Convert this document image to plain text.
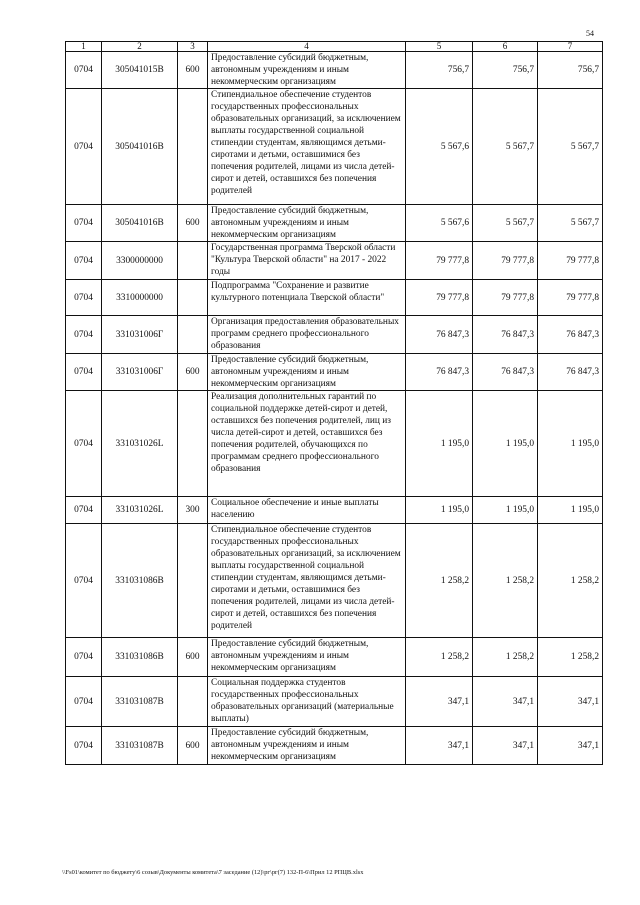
54
1	2	3	4	5	6	7
0704	305041015В	600	Предоставление субсидий бюджетным, автономным учреждениям и иным некоммерческим организациям	756,7	756,7	756,7
0704	305041016В		Стипендиальное обеспечение студентов государственных профессиональных образовательных организаций, за исключением выплаты государственной социальной стипендии студентам, являющимся детьми-сиротами и детьми, оставшимися без попечения родителей, лицами из числа детей-сирот и детей, оставшихся без попечения родителей	5 567,6	5 567,7	5 567,7
0704	305041016В	600	Предоставление субсидий бюджетным, автономным учреждениям и иным некоммерческим организациям	5 567,6	5 567,7	5 567,7
0704	3300000000		Государственная программа Тверской области "Культура Тверской области" на 2017 - 2022 годы	79 777,8	79 777,8	79 777,8
0704	3310000000		Подпрограмма "Сохранение и развитие культурного потенциала Тверской области"	79 777,8	79 777,8	79 777,8
0704	331031006Г		Организация предоставления образовательных программ среднего профессионального образования	76 847,3	76 847,3	76 847,3
0704	331031006Г	600	Предоставление субсидий бюджетным, автономным учреждениям и иным некоммерческим организациям	76 847,3	76 847,3	76 847,3
0704	331031026L		Реализация дополнительных гарантий по социальной поддержке детей-сирот и детей, оставшихся без попечения родителей, лиц из числа детей-сирот и детей, оставшихся без попечения родителей, обучающихся по программам среднего профессионального образования	1 195,0	1 195,0	1 195,0
0704	331031026L	300	Социальное обеспечение и иные выплаты населению	1 195,0	1 195,0	1 195,0
0704	331031086В		Стипендиальное обеспечение студентов государственных профессиональных образовательных организаций, за исключением выплаты государственной социальной стипендии студентам, являющимся детьми-сиротами и детьми, оставшимися без попечения родителей, лицами из числа детей-сирот и детей, оставшихся без попечения родителей	1 258,2	1 258,2	1 258,2
0704	331031086В	600	Предоставление субсидий бюджетным, автономным учреждениям и иным некоммерческим организациям	1 258,2	1 258,2	1 258,2
0704	331031087В		Социальная поддержка студентов государственных профессиональных образовательных организаций (материальные выплаты)	347,1	347,1	347,1
0704	331031087В	600	Предоставление субсидий бюджетным, автономным учреждениям и иным некоммерческим организациям	347,1	347,1	347,1
\\Fs01\комитет по бюджету\6 созыв\Документы комитета\7 заседание (12)\рг\рг(7) 132-П-6\Прил 12 РПЦВ.xlsx
